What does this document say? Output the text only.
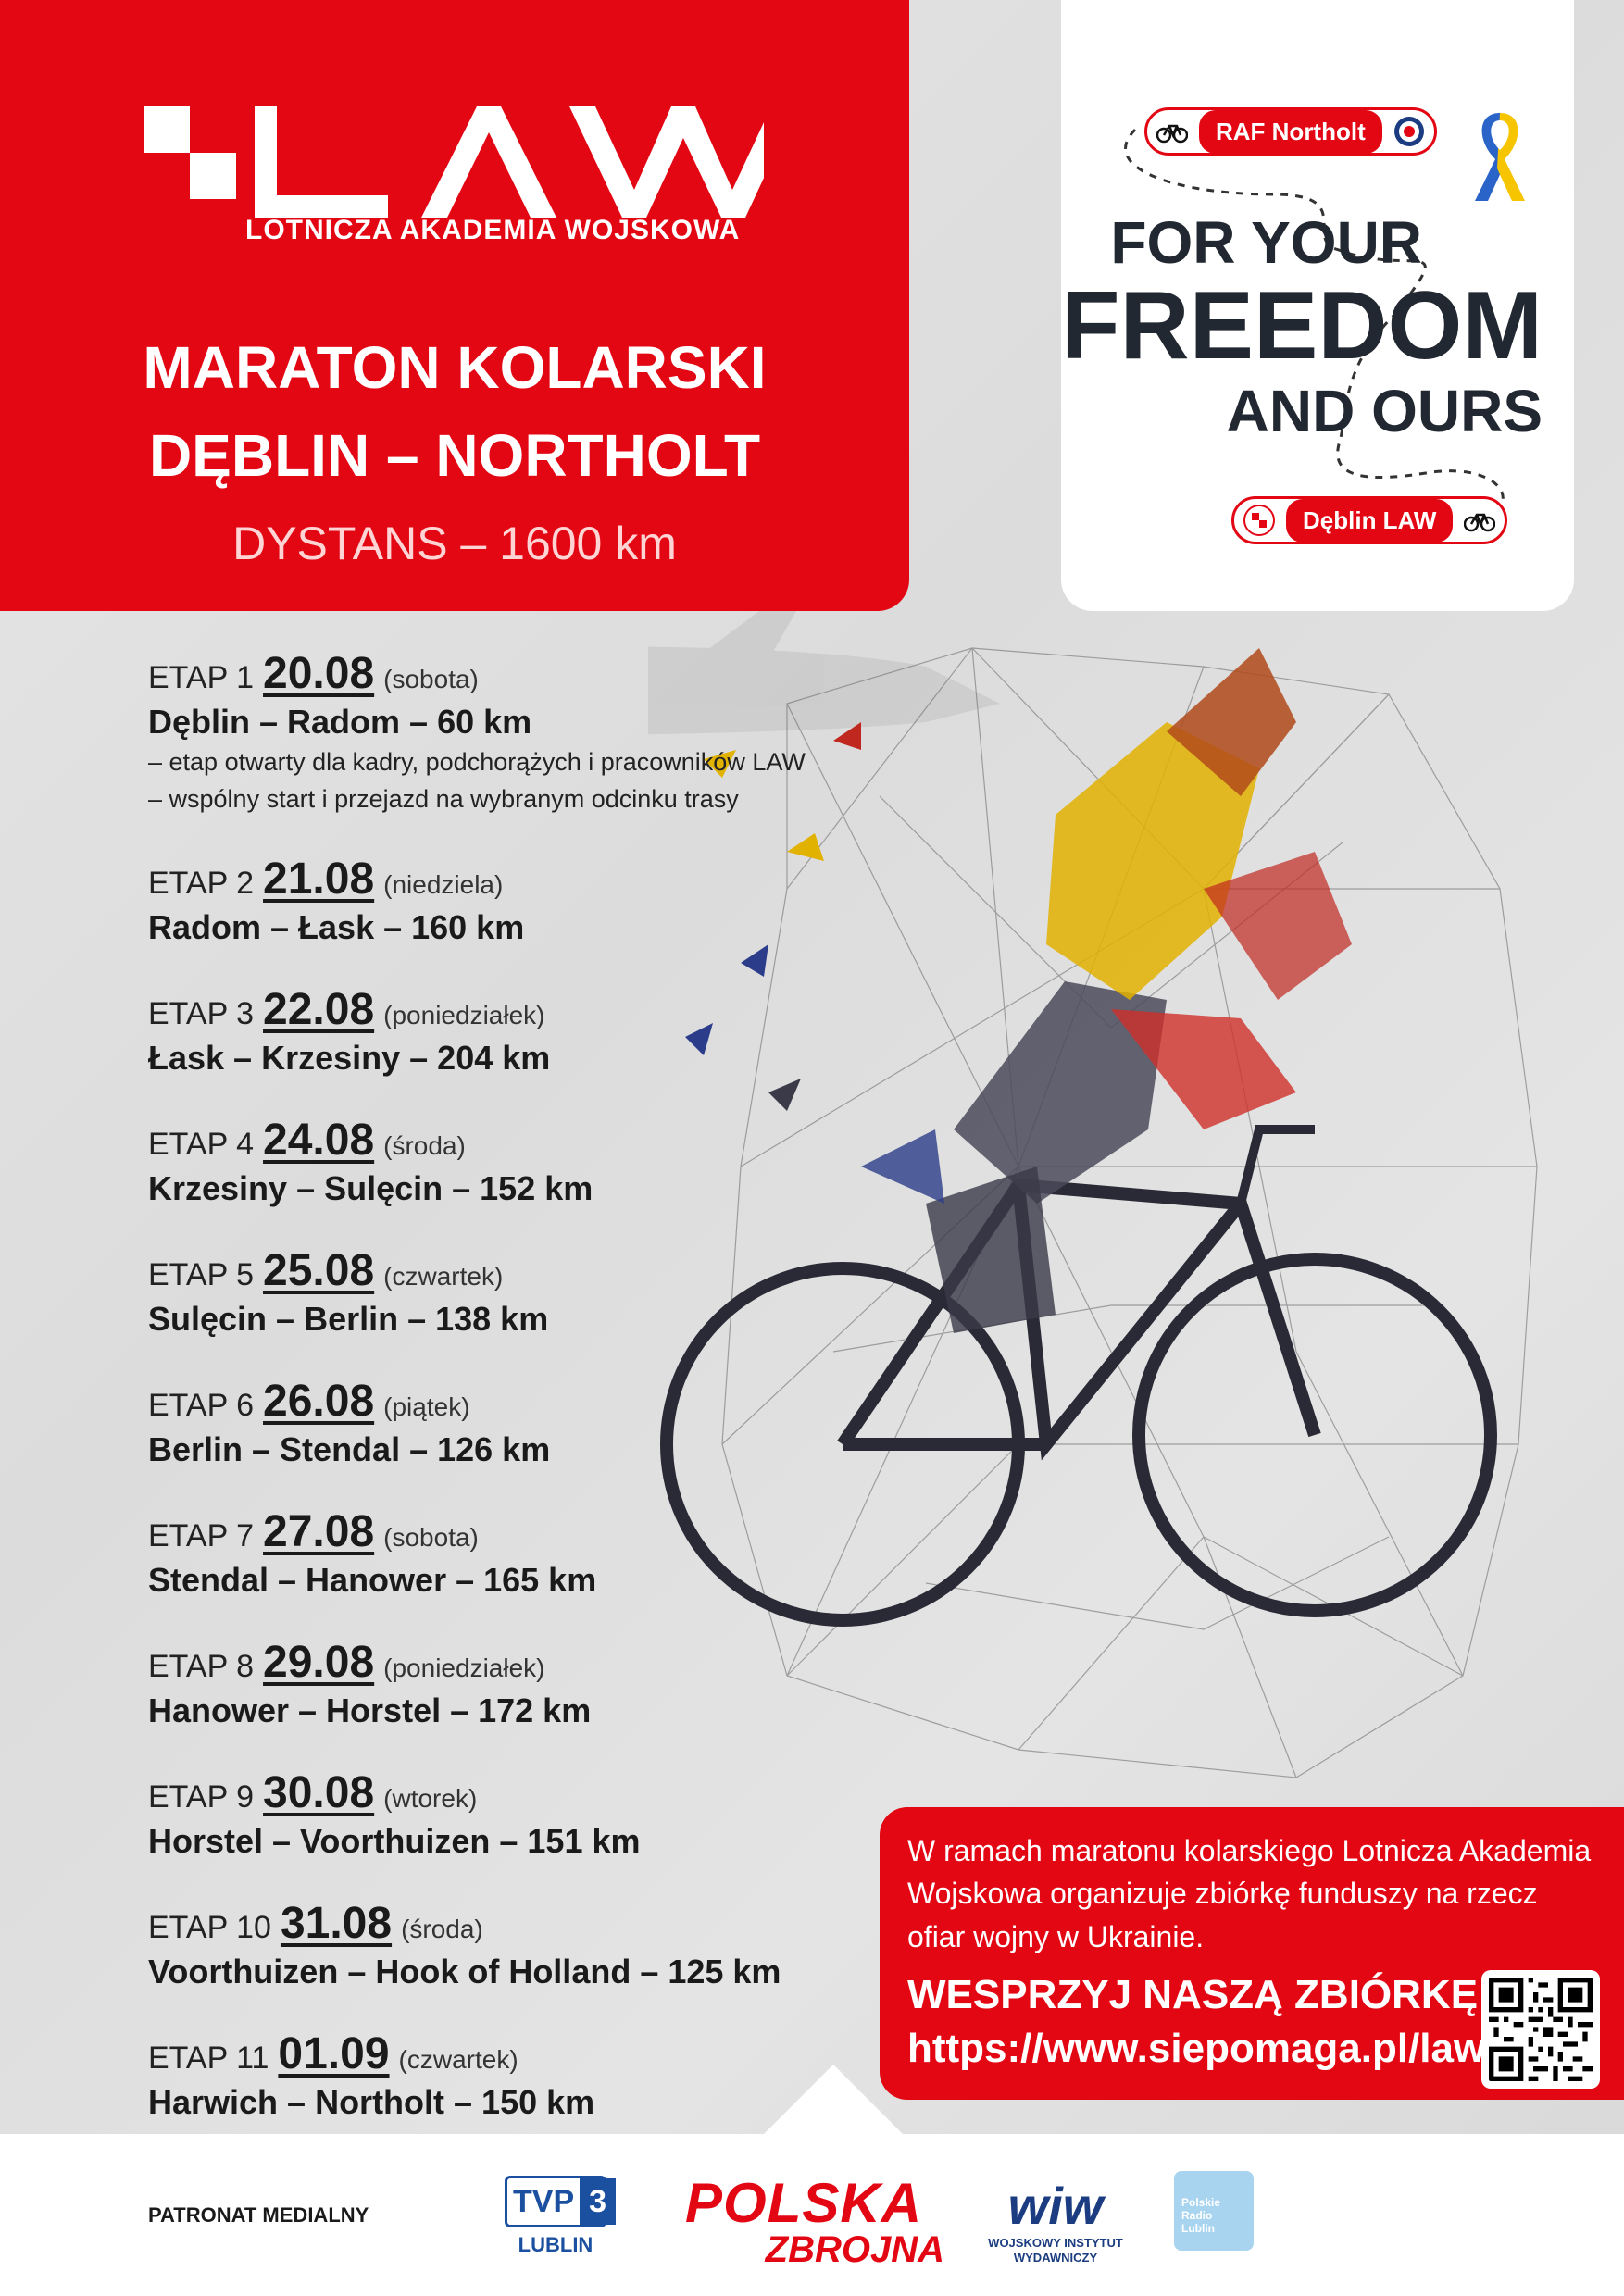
LOTNICZA AKADEMIA WOJSKOWA
MARATON KOLARSKI
DĘBLIN – NORTHOLT
DYSTANS – 1600 km
RAF Northolt
FOR YOUR
FREEDOM
AND OURS
Dęblin LAW
ETAP 1 20.08 (sobota)
Dęblin – Radom – 60 km
– etap otwarty dla kadry, podchorążych i pracowników LAW
– wspólny start i przejazd na wybranym odcinku trasy
ETAP 2 21.08 (niedziela)
Radom – Łask – 160 km
ETAP 3 22.08 (poniedziałek)
Łask – Krzesiny – 204 km
ETAP 4 24.08 (środa)
Krzesiny – Sulęcin – 152 km
ETAP 5 25.08 (czwartek)
Sulęcin – Berlin – 138 km
ETAP 6 26.08 (piątek)
Berlin – Stendal – 126 km
ETAP 7 27.08 (sobota)
Stendal – Hanower – 165 km
ETAP 8 29.08 (poniedziałek)
Hanower – Horstel – 172 km
ETAP 9 30.08 (wtorek)
Horstel – Voorthuizen – 151 km
ETAP 10 31.08 (środa)
Voorthuizen – Hook of Holland – 125 km
ETAP 11 01.09 (czwartek)
Harwich – Northolt – 150 km
W ramach maratonu kolarskiego Lotnicza Akademia Wojskowa organizuje zbiórkę funduszy na rzecz ofiar wojny w Ukrainie.
WESPRZYJ NASZĄ ZBIÓRKĘ
https://www.siepomaga.pl/law
PATRONAT MEDIALNY	TVP 3
LUBLIN
POLSKA
ZBROJNA
wiw
WOJSKOWY INSTYTUT WYDAWNICZY
Polskie Radio Lublin
